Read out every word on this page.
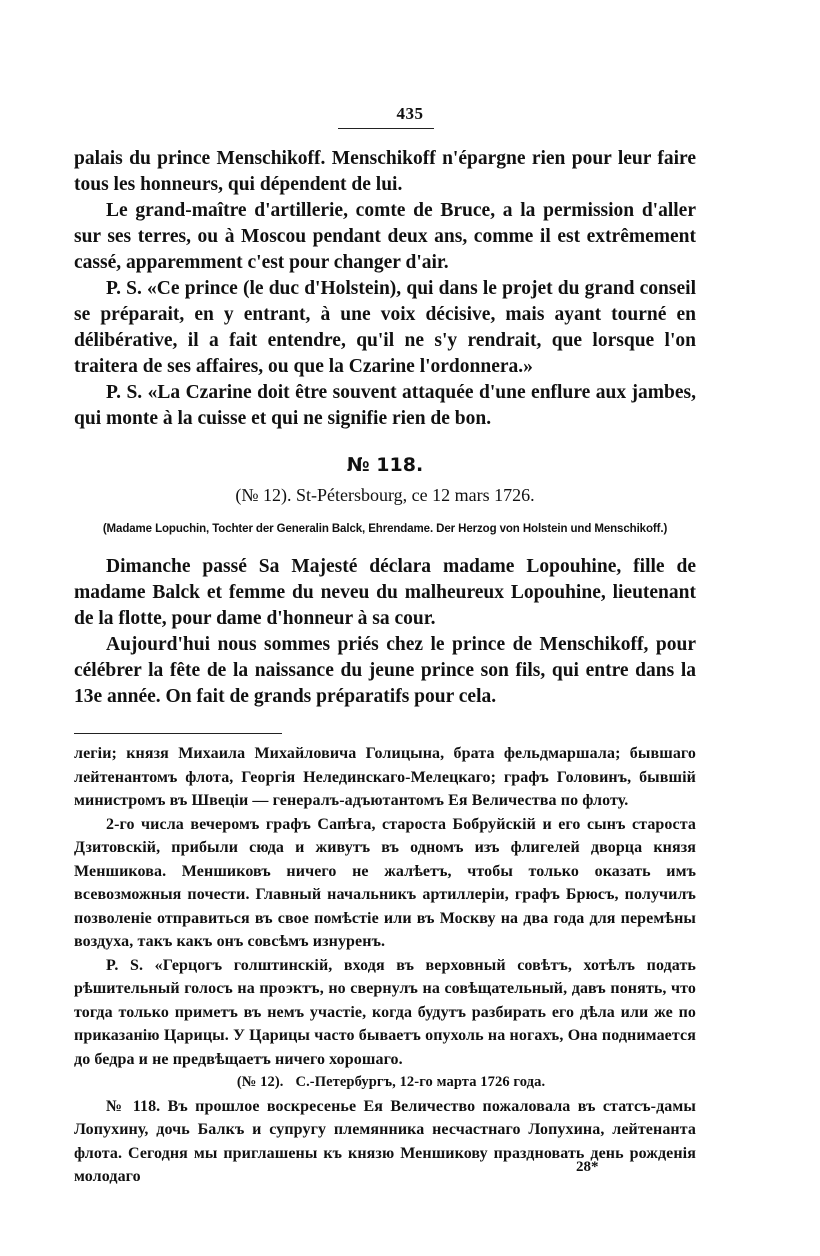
435

palais du prince Menschikoff. Menschikoff n'épargne rien pour leur faire tous les honneurs, qui dépendent de lui.

Le grand-maître d'artillerie, comte de Bruce, a la permission d'aller sur ses terres, ou à Moscou pendant deux ans, comme il est extrêmement cassé, apparemment c'est pour changer d'air.

P. S. «Ce prince (le duc d'Holstein), qui dans le projet du grand conseil se préparait, en y entrant, à une voix décisive, mais ayant tourné en délibérative, il a fait entendre, qu'il ne s'y rendrait, que lorsque l'on traitera de ses affaires, ou que la Czarine l'ordonnera.»

P. S. «La Czarine doit être souvent attaquée d'une enflure aux jambes, qui monte à la cuisse et qui ne signifie rien de bon.

№ 118.

(№ 12). St-Pétersbourg, ce 12 mars 1726.

(Madame Lopuchin, Tochter der Generalin Balck, Ehrendame. Der Herzog von Holstein und Menschikoff.)

Dimanche passé Sa Majesté déclara madame Lopouhine, fille de madame Balck et femme du neveu du malheureux Lopouhine, lieutenant de la flotte, pour dame d'honneur à sa cour.

Aujourd'hui nous sommes priés chez le prince de Menschikoff, pour célébrer la fête de la naissance du jeune prince son fils, qui entre dans la 13e année. On fait de grands préparatifs pour cela.

легіи; князя Михаила Михайловича Голицына, брата фельдмаршала; бывшаго лейтенантомъ флота, Георгія Нелединскаго-Мелецкаго; графъ Головинъ, бывшій министромъ въ Швеціи — генералъ-адъютантомъ Ея Величества по флоту.

2-го числа вечеромъ графъ Сапѣга, староста Бобруйскій и его сынъ староста Дзитовскій, прибыли сюда и живутъ въ одномъ изъ флигелей дворца князя Меншикова. Меншиковъ ничего не жалѣетъ, чтобы только оказать имъ всевозможныя почести. Главный начальникъ артиллеріи, графъ Брюсъ, получилъ позволеніе отправиться въ свое помѣстіе или въ Москву на два года для перемѣны воздуха, такъ какъ онъ совсѣмъ изнуренъ.

P. S. «Герцогъ голштинскій, входя въ верховный совѣтъ, хотѣлъ подать рѣшительный голосъ на проэктъ, но свернулъ на совѣщательный, давъ понять, что тогда только приметъ въ немъ участіе, когда будутъ разбирать его дѣла или же по приказанію Царицы. У Царицы часто бываетъ опухоль на ногахъ, Она поднимается до бедра и не предвѣщаетъ ничего хорошаго.

(№ 12). С.-Петербургъ, 12-го марта 1726 года.

№ 118. Въ прошлое воскресенье Ея Величество пожаловала въ статсъ-дамы Лопухину, дочь Балкъ и супругу племянника несчастнаго Лопухина, лейтенанта флота. Сегодня мы приглашены къ князю Меншикову праздновать день рожденія молодаго

28*
